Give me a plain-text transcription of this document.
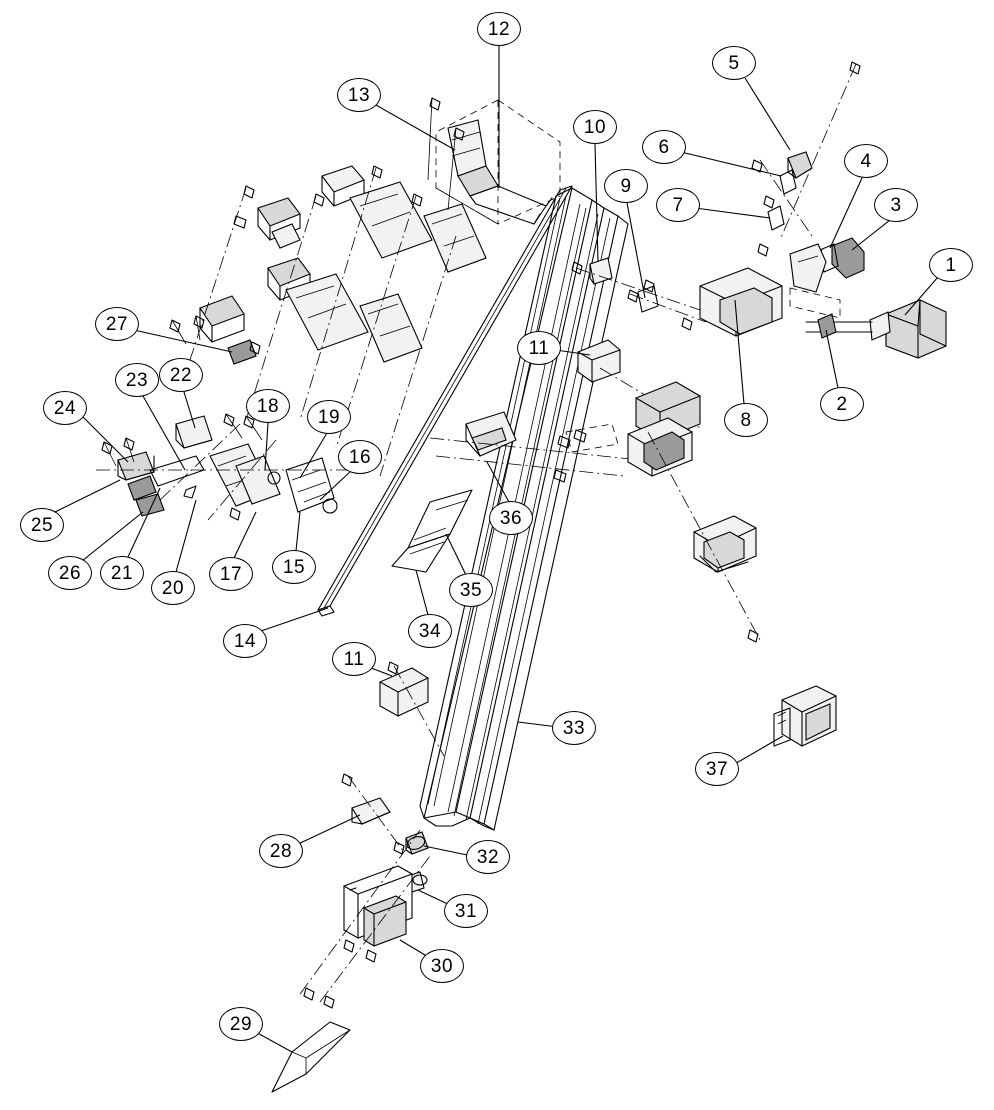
12
5
13
10
6
4
9
7	3
1
27
11
22
23
2
8
18
19
24
16
25	36
26 21
20
17 15
35
14	34
11
33
37
28	32
31
30
29
